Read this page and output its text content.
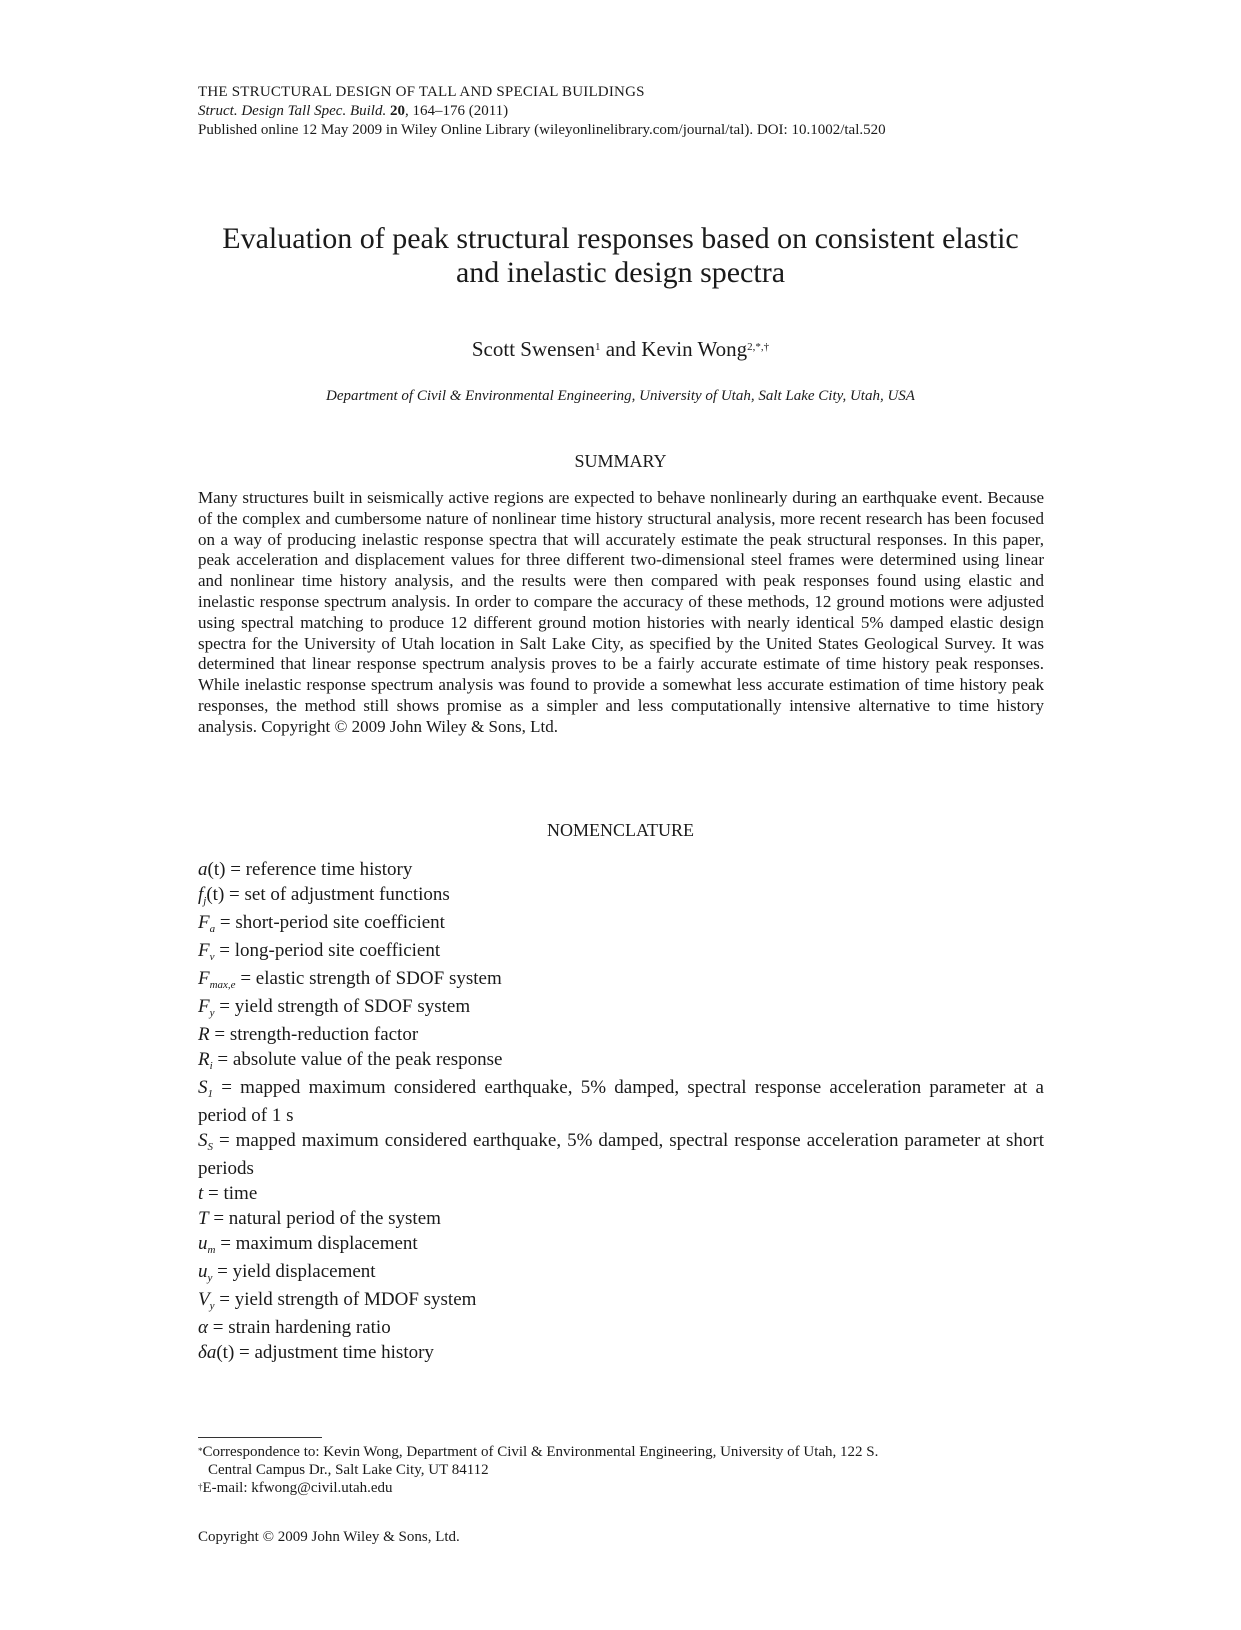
THE STRUCTURAL DESIGN OF TALL AND SPECIAL BUILDINGS
Struct. Design Tall Spec. Build. 20, 164–176 (2011)
Published online 12 May 2009 in Wiley Online Library (wileyonlinelibrary.com/journal/tal). DOI: 10.1002/tal.520
Evaluation of peak structural responses based on consistent elastic
and inelastic design spectra
Scott Swensen$^1$ and Kevin Wong$^{2,*,\dagger}$
Department of Civil & Environmental Engineering, University of Utah, Salt Lake City, Utah, USA
SUMMARY
Many structures built in seismically active regions are expected to behave nonlinearly during an earthquake event. Because of the complex and cumbersome nature of nonlinear time history structural analysis, more recent research has been focused on a way of producing inelastic response spectra that will accurately estimate the peak structural responses. In this paper, peak acceleration and displacement values for three different two-dimensional steel frames were determined using linear and nonlinear time history analysis, and the results were then compared with peak responses found using elastic and inelastic response spectrum analysis. In order to compare the accuracy of these methods, 12 ground motions were adjusted using spectral matching to produce 12 different ground motion histories with nearly identical 5% damped elastic design spectra for the University of Utah location in Salt Lake City, as specified by the United States Geological Survey. It was determined that linear response spectrum analysis proves to be a fairly accurate estimate of time history peak responses. While inelastic response spectrum analysis was found to provide a somewhat less accurate estimation of time history peak responses, the method still shows promise as a simpler and less computationally intensive alternative to time history analysis. Copyright © 2009 John Wiley & Sons, Ltd.
NOMENCLATURE
a(t) = reference time history
$f_j(t)$ = set of adjustment functions
$F_a$ = short-period site coefficient
$F_v$ = long-period site coefficient
$F_{max,e}$ = elastic strength of SDOF system
$F_y$ = yield strength of SDOF system
R = strength-reduction factor
$R_i$ = absolute value of the peak response
$S_1$ = mapped maximum considered earthquake, 5% damped, spectral response acceleration parameter at a period of 1 s
$S_S$ = mapped maximum considered earthquake, 5% damped, spectral response acceleration parameter at short periods
t = time
T = natural period of the system
$u_m$ = maximum displacement
$u_y$ = yield displacement
$V_y$ = yield strength of MDOF system
α = strain hardening ratio
δa(t) = adjustment time history
*Correspondence to: Kevin Wong, Department of Civil & Environmental Engineering, University of Utah, 122 S.
Central Campus Dr., Salt Lake City, UT 84112
†E-mail: kfwong@civil.utah.edu
Copyright © 2009 John Wiley & Sons, Ltd.
